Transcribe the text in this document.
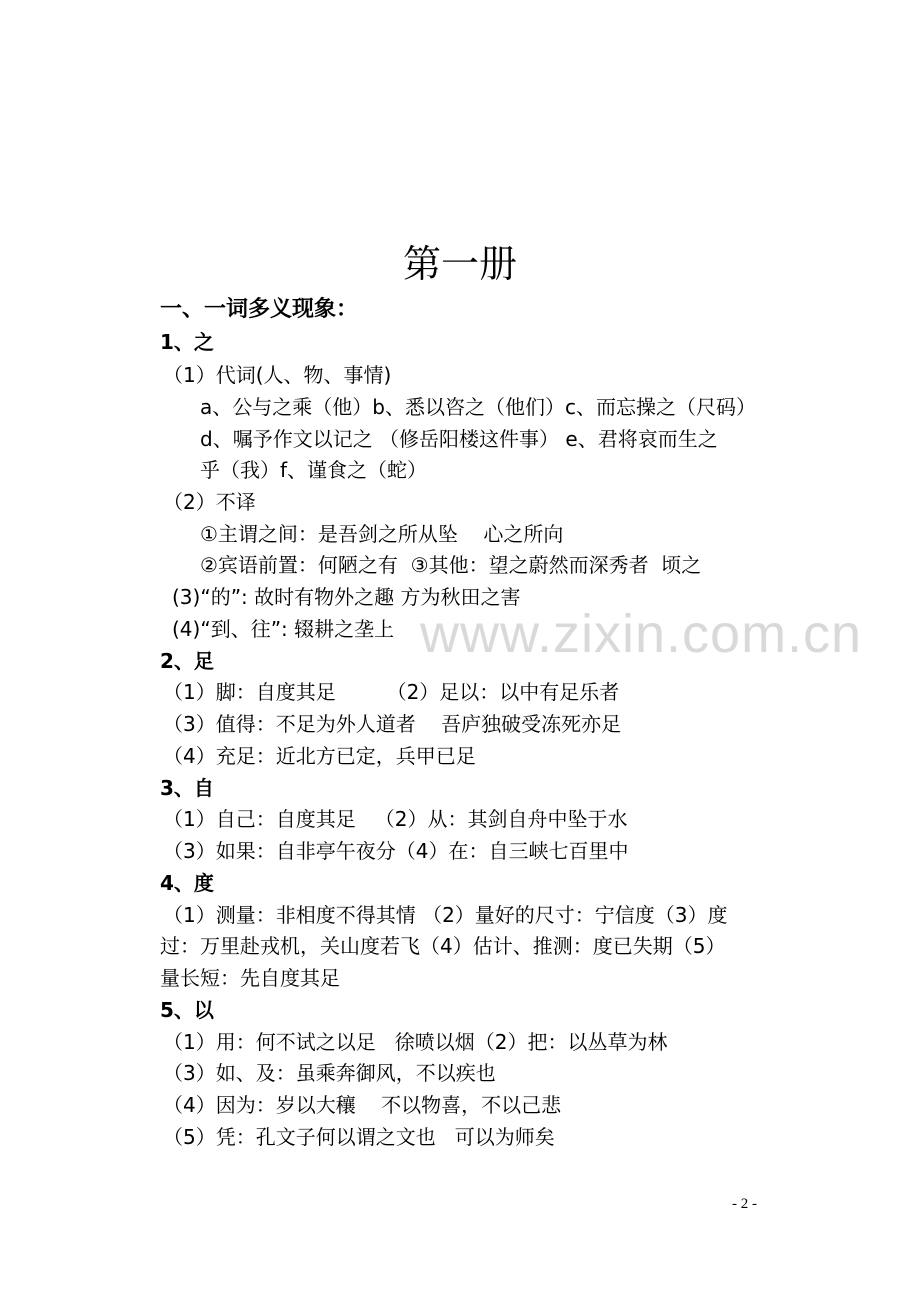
第一册
一、一词多义现象：
1、之
（1）代词(人、物、事情)
a、公与之乘（他）b、悉以咨之（他们）c、而忘操之（尺码）
d、嘱予作文以记之 （修岳阳楼这件事） e、君将哀而生之
乎（我）f、谨食之（蛇）
（2）不译
①主谓之间：是吾剑之所从坠    心之所向
②宾语前置：何陋之有  ③其他：望之蔚然而深秀者  顷之
(3)“的”: 故时有物外之趣 方为秋田之害
(4)“到、往”: 辍耕之垄上 www.zixin.com.cn
2、足
（1）脚：自度其足        （2）足以：以中有足乐者
（3）值得：不足为外人道者    吾庐独破受冻死亦足
（4）充足：近北方已定，兵甲已足
3、自
（1）自己：自度其足   （2）从：其剑自舟中坠于水
（3）如果：自非亭午夜分（4）在：自三峡七百里中
4、度
（1）测量：非相度不得其情 （2）量好的尺寸：宁信度（3）度
过：万里赴戎机，关山度若飞（4）估计、推测：度已失期（5）
量长短：先自度其足
5、以
（1）用：何不试之以足   徐喷以烟（2）把：以丛草为林
（3）如、及：虽乘奔御风，不以疾也
（4）因为：岁以大穰    不以物喜，不以己悲
（5）凭：孔文子何以谓之文也   可以为师矣
- 2 -
